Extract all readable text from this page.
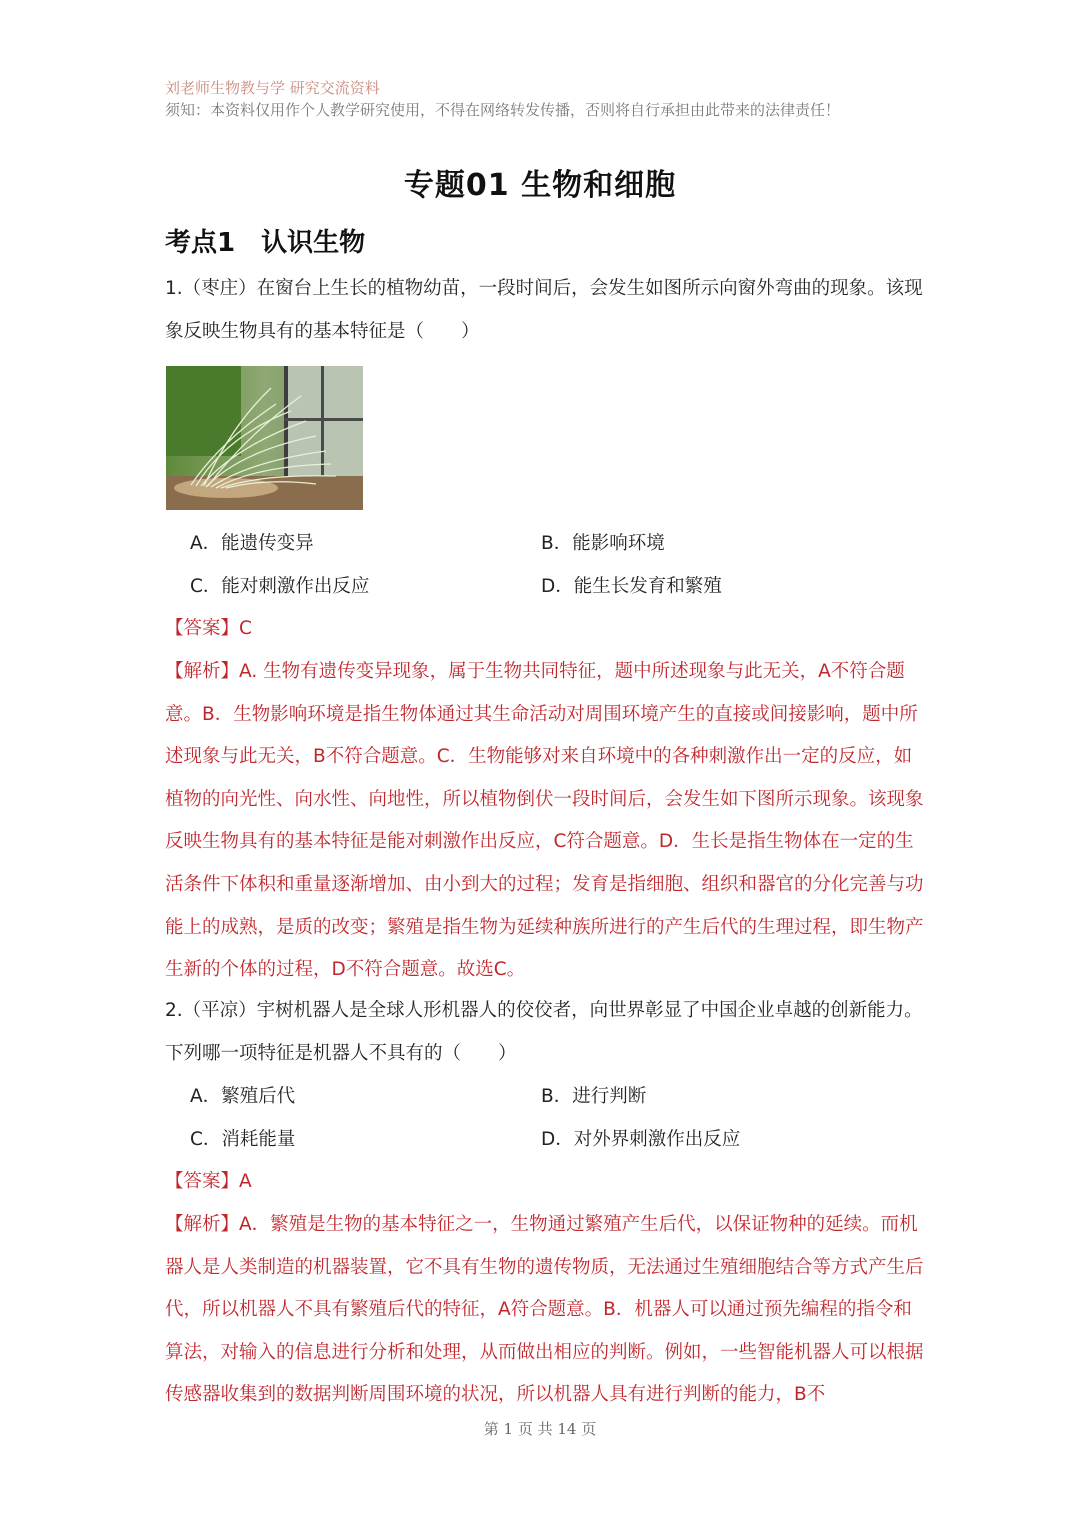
刘老师生物教与学 研究交流资料
须知：本资料仅用作个人教学研究使用，不得在网络转发传播，否则将自行承担由此带来的法律责任！
专题01 生物和细胞
考点1　认识生物
1.（枣庄）在窗台上生长的植物幼苗，一段时间后，会发生如图所示向窗外弯曲的现象。该现象反映生物具有的基本特征是（　　）
A．能遗传变异	B．能影响环境
C．能对刺激作出反应	D．能生长发育和繁殖
【答案】C
【解析】A. 生物有遗传变异现象，属于生物共同特征，题中所述现象与此无关，A不符合题意。B．生物影响环境是指生物体通过其生命活动对周围环境产生的直接或间接影响，题中所述现象与此无关，B不符合题意。C．生物能够对来自环境中的各种刺激作出一定的反应，如植物的向光性、向水性、向地性，所以植物倒伏一段时间后，会发生如下图所示现象。该现象反映生物具有的基本特征是能对刺激作出反应，C符合题意。D．生长是指生物体在一定的生活条件下体积和重量逐渐增加、由小到大的过程；发育是指细胞、组织和器官的分化完善与功能上的成熟，是质的改变；繁殖是指生物为延续种族所进行的产生后代的生理过程，即生物产生新的个体的过程，D不符合题意。故选C。
2.（平凉）宇树机器人是全球人形机器人的佼佼者，向世界彰显了中国企业卓越的创新能力。下列哪一项特征是机器人不具有的（　　）
A．繁殖后代	B．进行判断
C．消耗能量	D．对外界刺激作出反应
【答案】A
【解析】A．繁殖是生物的基本特征之一，生物通过繁殖产生后代，以保证物种的延续。而机器人是人类制造的机器装置，它不具有生物的遗传物质，无法通过生殖细胞结合等方式产生后代，所以机器人不具有繁殖后代的特征，A符合题意。B．机器人可以通过预先编程的指令和算法，对输入的信息进行分析和处理，从而做出相应的判断。例如，一些智能机器人可以根据传感器收集到的数据判断周围环境的状况，所以机器人具有进行判断的能力，B不
第 1 页 共 14 页
